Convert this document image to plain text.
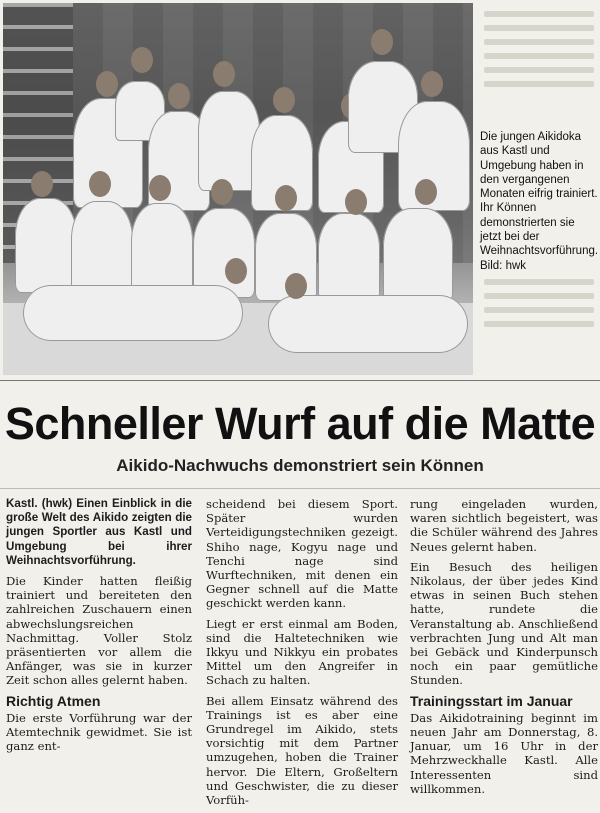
Die jungen Aikidoka aus Kastl und Umgebung haben in den vergangenen Monaten eifrig trainiert. Ihr Können demonstrierten sie jetzt bei der Weihnachtsvorführung. Bild: hwk
Schneller Wurf auf die Matte
Aikido-Nachwuchs demonstriert sein Können

Kastl. (hwk) Einen Einblick in die große Welt des Aikido zeigten die jungen Sportler aus Kastl und Umgebung bei ihrer Weihnachtsvorführung.

Die Kinder hatten fleißig trainiert und bereiteten den zahlreichen Zuschauern einen abwechslungsreichen Nachmittag. Voller Stolz präsentierten vor allem die Anfänger, was sie in kurzer Zeit schon alles gelernt haben.

Richtig Atmen

Die erste Vorführung war der Atemtechnik gewidmet. Sie ist ganz ent-

scheidend bei diesem Sport. Später wurden Verteidigungstechniken gezeigt. Shiho nage, Kogyu nage und Tenchi nage sind Wurftechniken, mit denen ein Gegner schnell auf die Matte geschickt werden kann.

Liegt er erst einmal am Boden, sind die Haltetechniken wie Ikkyu und Nikkyu ein probates Mittel um den Angreifer in Schach zu halten.

Bei allem Einsatz während des Trainings ist es aber eine Grundregel im Aikido, stets vorsichtig mit dem Partner umzugehen, hoben die Trainer hervor. Die Eltern, Großeltern und Geschwister, die zu dieser Vorfüh-

rung eingeladen wurden, waren sichtlich begeistert, was die Schüler während des Jahres Neues gelernt haben.

Ein Besuch des heiligen Nikolaus, der über jedes Kind etwas in seinen Buch stehen hatte, rundete die Veranstaltung ab. Anschließend verbrachten Jung und Alt man bei Gebäck und Kinderpunsch noch ein paar gemütliche Stunden.

Trainingsstart im Januar

Das Aikidotraining beginnt im neuen Jahr am Donnerstag, 8. Januar, um 16 Uhr in der Mehrzweckhalle Kastl. Alle Interessenten sind willkommen.
